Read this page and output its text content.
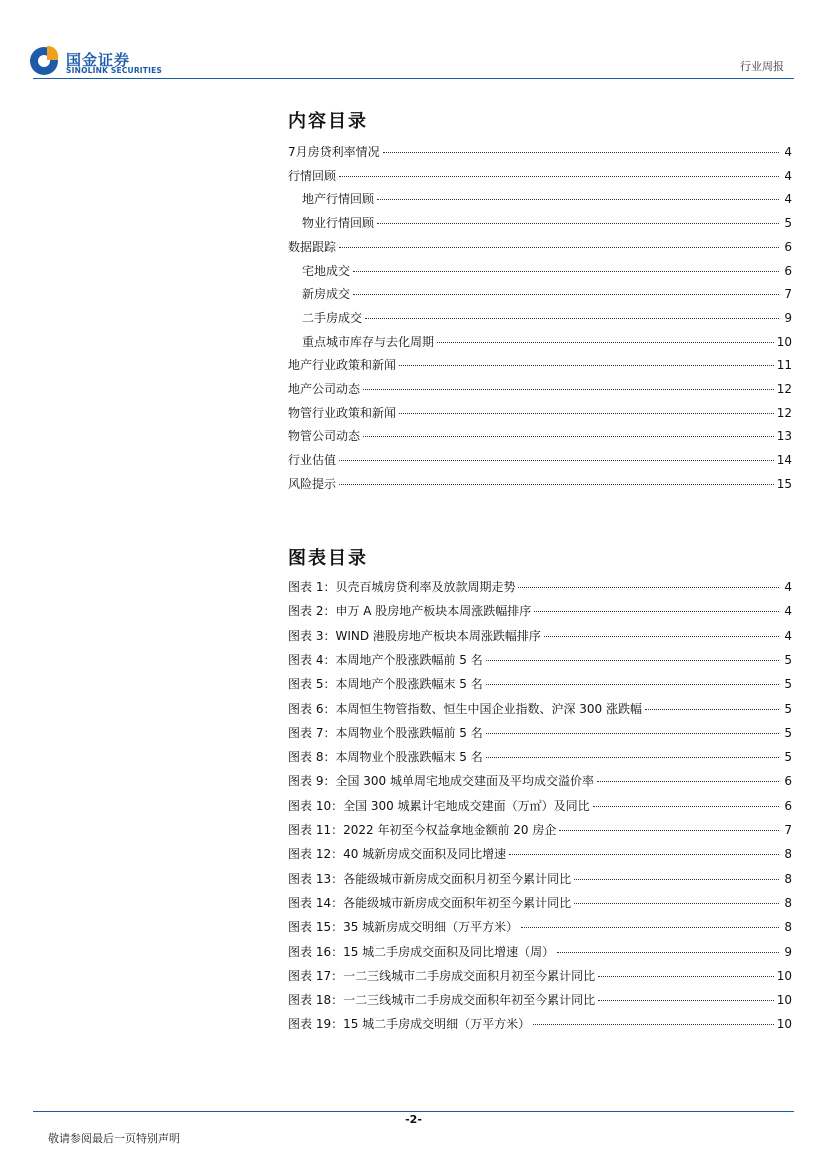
国金证券
SINOLINK SECURITIES	行业周报
内容目录
7月房贷利率情况	4
行情回顾	4
地产行情回顾	4
物业行情回顾	5
数据跟踪	6
宅地成交	6
新房成交	7
二手房成交	9
重点城市库存与去化周期	10
地产行业政策和新闻	11
地产公司动态	12
物管行业政策和新闻	12
物管公司动态	13
行业估值	14
风险提示	15
图表目录
图表 1：贝壳百城房贷利率及放款周期走势	4
图表 2：申万 A 股房地产板块本周涨跌幅排序	4
图表 3：WIND 港股房地产板块本周涨跌幅排序	4
图表 4：本周地产个股涨跌幅前 5 名	5
图表 5：本周地产个股涨跌幅末 5 名	5
图表 6：本周恒生物管指数、恒生中国企业指数、沪深 300 涨跌幅	5
图表 7：本周物业个股涨跌幅前 5 名	5
图表 8：本周物业个股涨跌幅末 5 名	5
图表 9：全国 300 城单周宅地成交建面及平均成交溢价率	6
图表 10：全国 300 城累计宅地成交建面（万㎡）及同比	6
图表 11：2022 年初至今权益拿地金额前 20 房企	7
图表 12：40 城新房成交面积及同比增速	8
图表 13：各能级城市新房成交面积月初至今累计同比	8
图表 14：各能级城市新房成交面积年初至今累计同比	8
图表 15：35 城新房成交明细（万平方米）	8
图表 16：15 城二手房成交面积及同比增速（周）	9
图表 17：一二三线城市二手房成交面积月初至今累计同比	10
图表 18：一二三线城市二手房成交面积年初至今累计同比	10
图表 19：15 城二手房成交明细（万平方米）	10
-2-
敬请参阅最后一页特别声明
